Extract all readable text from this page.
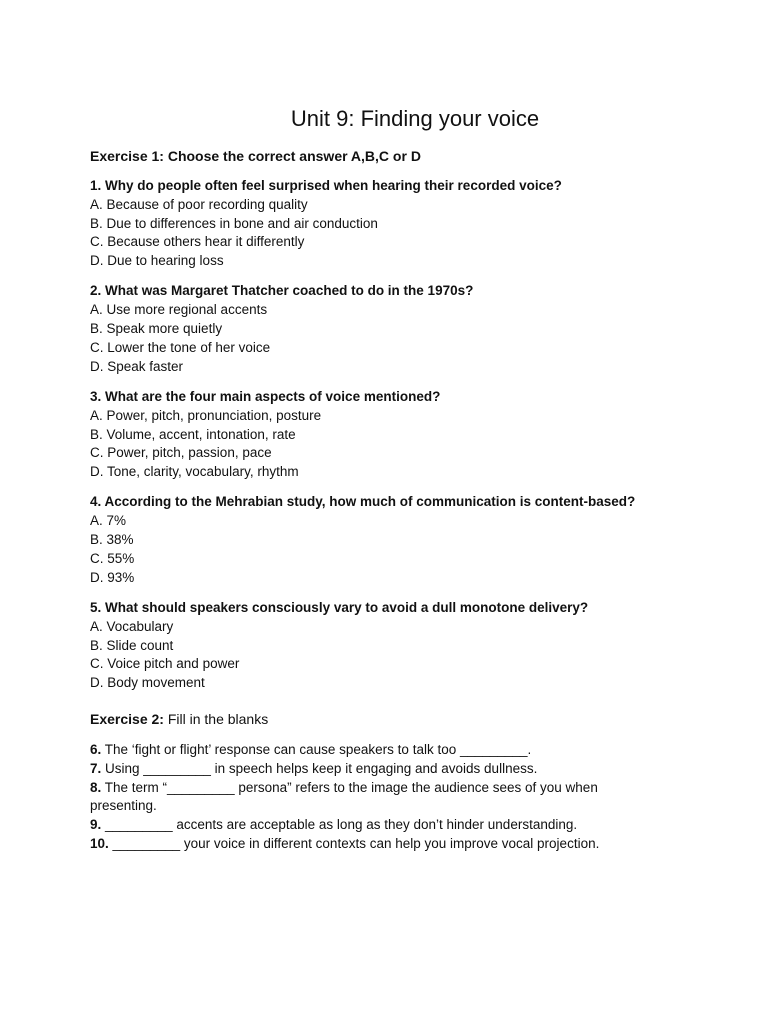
Unit 9: Finding your voice
Exercise 1: Choose the correct answer A,B,C or D
1. Why do people often feel surprised when hearing their recorded voice?
A. Because of poor recording quality
B. Due to differences in bone and air conduction
C. Because others hear it differently
D. Due to hearing loss
2. What was Margaret Thatcher coached to do in the 1970s?
A. Use more regional accents
B. Speak more quietly
C. Lower the tone of her voice
D. Speak faster
3. What are the four main aspects of voice mentioned?
A. Power, pitch, pronunciation, posture
B. Volume, accent, intonation, rate
C. Power, pitch, passion, pace
D. Tone, clarity, vocabulary, rhythm
4. According to the Mehrabian study, how much of communication is content-based?
A. 7%
B. 38%
C. 55%
D. 93%
5. What should speakers consciously vary to avoid a dull monotone delivery?
A. Vocabulary
B. Slide count
C. Voice pitch and power
D. Body movement
Exercise 2: Fill in the blanks
6. The ‘fight or flight’ response can cause speakers to talk too _________.
7. Using _________ in speech helps keep it engaging and avoids dullness.
8. The term “_________ persona” refers to the image the audience sees of you when presenting.
9. _________ accents are acceptable as long as they don’t hinder understanding.
10. _________ your voice in different contexts can help you improve vocal projection.
